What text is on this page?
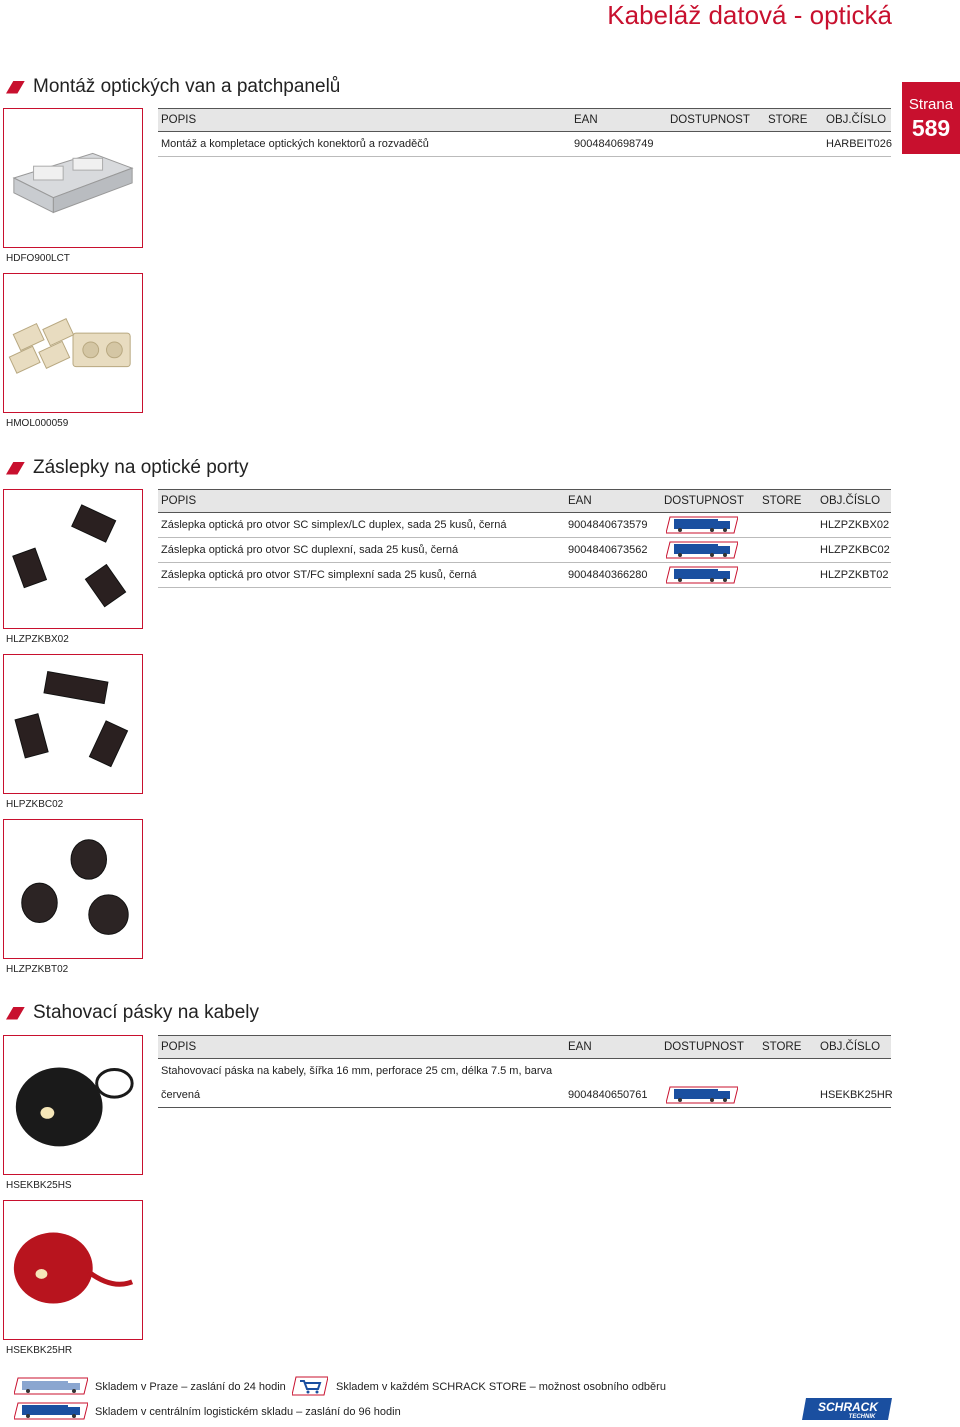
Kabeláž datová - optická
Strana
589
Montáž optických van a patchpanelů
HDFO900LCT
HMOL000059
POPIS	EAN	DOSTUPNOST STORE OBJ.ČÍSLO
Montáž a kompletace optických konektorů a rozvaděčů	9004840698749	HARBEIT026
Záslepky na optické porty
POPIS	EAN	DOSTUPNOST STORE OBJ.ČÍSLO
Záslepka optická pro otvor SC simplex/LC duplex, sada 25 kusů, černá	9004840673579	HLZPZKBX02
Záslepka optická pro otvor SC duplexní, sada 25 kusů, černá	9004840673562	HLZPZKBC02
Záslepka optická pro otvor ST/FC simplexní sada 25 kusů, černá	9004840366280	HLZPZKBT02
HLZPZKBX02
HLPZKBC02
HLZPZKBT02
Stahovací pásky na kabely
POPIS	EAN	DOSTUPNOST STORE OBJ.ČÍSLO
Stahovovací páska na kabely, šířka 16 mm, perforace 25 cm, délka 7.5 m, barva
červená	9004840650761	HSEKBK25HR
HSEKBK25HS
HSEKBK25HR
Skladem v Praze – zaslání do 24 hodin	Skladem v každém SCHRACK STORE – možnost osobního odběru
Skladem v centrálním logistickém skladu – zaslání do 96 hodin	SCHRACK
TECHNIK
